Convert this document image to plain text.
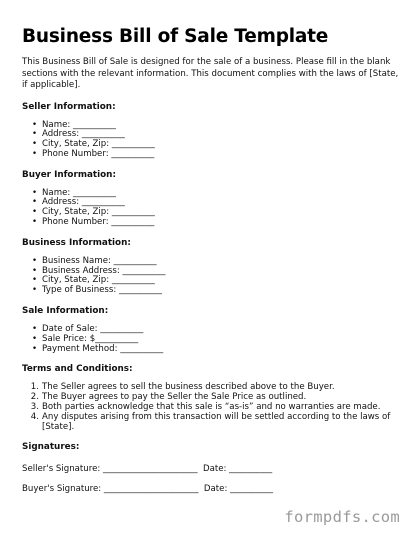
Business Bill of Sale Template

This Business Bill of Sale is designed for the sale of a business. Please fill in the blank sections with the relevant information. This document complies with the laws of [State, if applicable].

Seller Information:
• Name: __________
• Address: __________
• City, State, Zip: __________
• Phone Number: __________
Buyer Information:
• Name: __________
• Address: __________
• City, State, Zip: __________
• Phone Number: __________
Business Information:
• Business Name: __________
• Business Address: __________
• City, State, Zip: __________
• Type of Business: __________
Sale Information:
• Date of Sale: __________
• Sale Price: $__________
• Payment Method: __________
Terms and Conditions:
1. The Seller agrees to sell the business described above to the Buyer.
2. The Buyer agrees to pay the Seller the Sale Price as outlined.
3. Both parties acknowledge that this sale is “as-is” and no warranties are made.
4. Any disputes arising from this transaction will be settled according to the laws of [State].
Signatures:
Seller's Signature: ______________________  Date: __________
Buyer's Signature: ______________________  Date: __________
formpdfs.com
